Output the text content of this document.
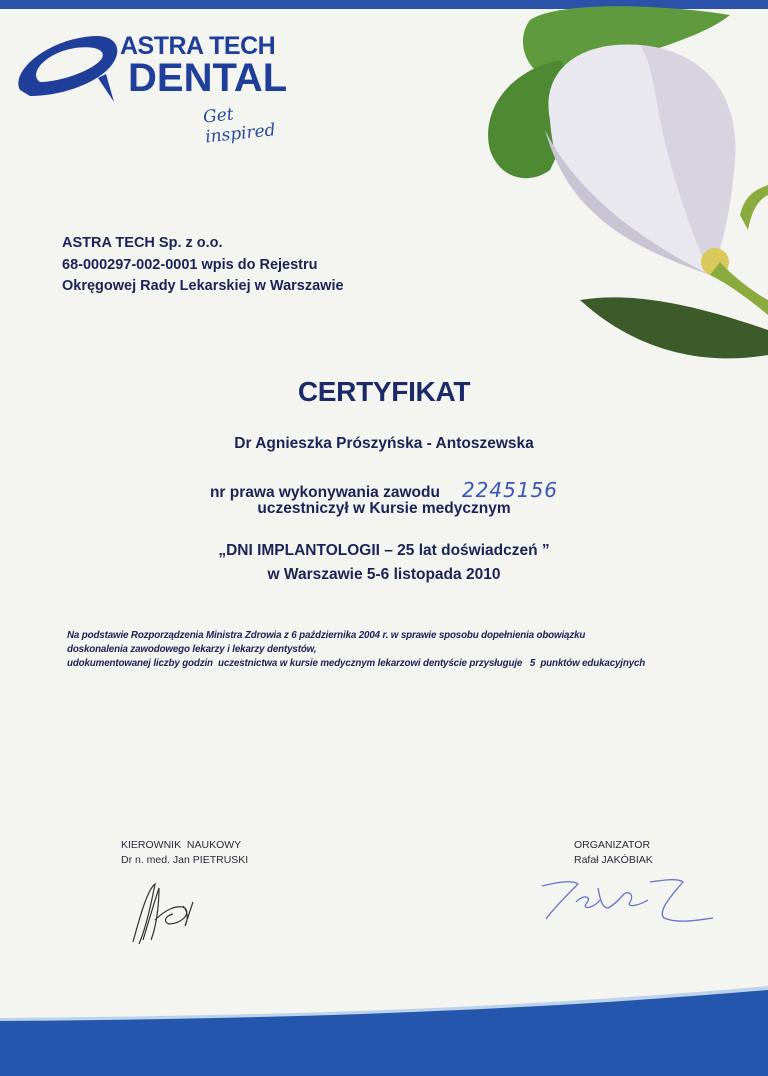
ASTRA TECH
DENTAL
Get inspired
ASTRA TECH Sp. z o.o.
68-000297-002-0001 wpis do Rejestru
Okręgowej Rady Lekarskiej w Warszawie
CERTYFIKAT
Dr Agnieszka Prószyńska - Antoszewska
nr prawa wykonywania zawodu 2245156
uczestniczył w Kursie medycznym
„DNI IMPLANTOLOGII – 25 lat doświadczeń ”
w Warszawie 5-6 listopada 2010
Na podstawie Rozporządzenia Ministra Zdrowia z 6 października 2004 r. w sprawie sposobu dopełnienia obowiązku
doskonalenia zawodowego lekarzy i lekarzy dentystów,
udokumentowanej liczby godzin  uczestnictwa w kursie medycznym lekarzowi dentyście przysługuje   5  punktów edukacyjnych
KIEROWNIK  NAUKOWY
Dr n. med. Jan PIETRUSKI
ORGANIZATOR
Rafał JAKÓBIAK
